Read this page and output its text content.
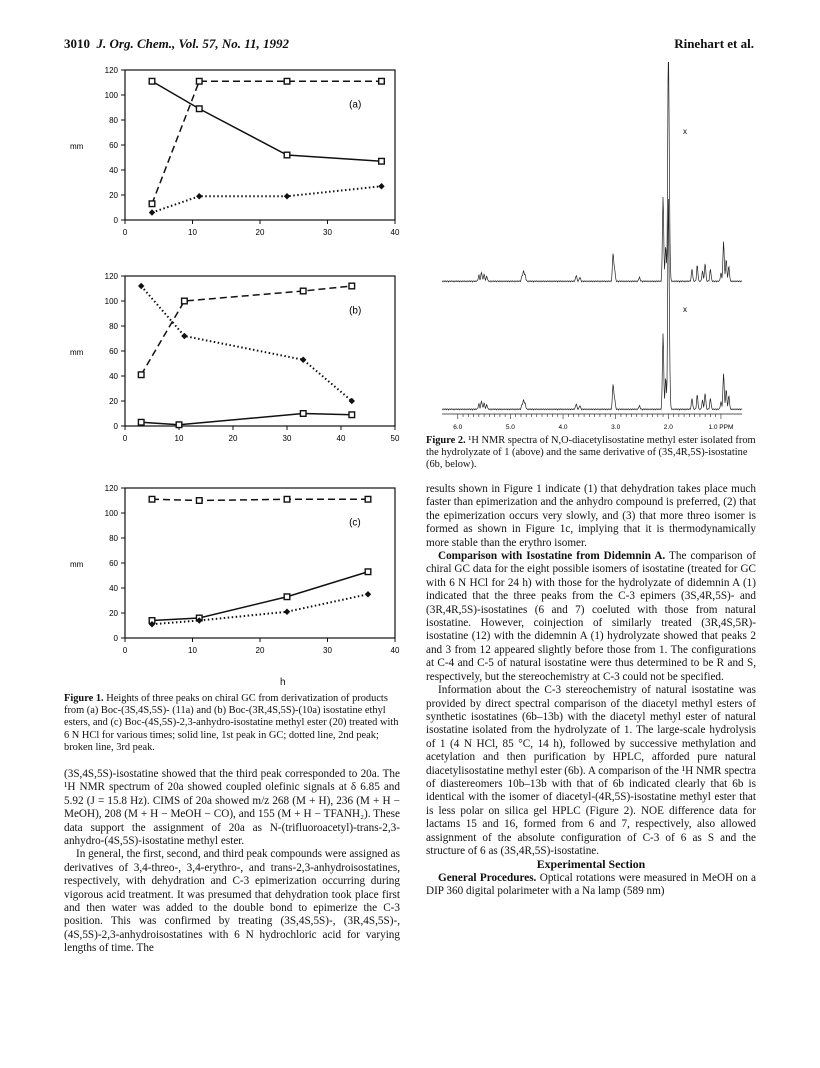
3010 J. Org. Chem., Vol. 57, No. 11, 1992	Rinehart et al.
0
20
40
60
80
100
120
0	10	20	30	40
mm
(a)
0
20
40
60
80
100
120
0	10	20	30	40	50
mm
(b)
0
20
40
60
80
100
120
0	10	20	30	40
mm
(c)
h
Figure 1. Heights of three peaks on chiral GC from derivatization of products from (a) Boc-(3S,4S,5S)- (11a) and (b) Boc-(3R,4S,5S)-(10a) isostatine ethyl esters, and (c) Boc-(4S,5S)-2,3-anhydro-isostatine methyl ester (20) treated with 6 N HCl for various times; solid line, 1st peak in GC; dotted line, 2nd peak; broken line, 3rd peak.

(3S,4S,5S)-isostatine showed that the third peak corresponded to 20a. The ¹H NMR spectrum of 20a showed coupled olefinic signals at δ 6.85 and 5.92 (J = 15.8 Hz). CIMS of 20a showed m/z 268 (M + H), 236 (M + H − MeOH), 208 (M + H − MeOH − CO), and 155 (M + H − TFANH₂). These data support the assignment of 20a as N-(trifluoroacetyl)-trans-2,3-anhydro-(4S,5S)-isostatine methyl ester.

In general, the first, second, and third peak compounds were assigned as derivatives of 3,4-threo-, 3,4-erythro-, and trans-2,3-anhydroisostatines, respectively, with dehydration and C-3 epimerization occurring during vigorous acid treatment. It was presumed that dehydration took place first and then water was added to the double bond to epimerize the C-3 position. This was confirmed by treating (3S,4S,5S)-, (3R,4S,5S)-, (4S,5S)-2,3-anhydroisostatines with 6 N hydrochloric acid for varying lengths of time. The

x
x
6.0	5.0	4.0	3.0	2.0	1.0 PPM
Figure 2. ¹H NMR spectra of N,O-diacetylisostatine methyl ester isolated from the hydrolyzate of 1 (above) and the same derivative of (3S,4R,5S)-isostatine (6b, below).

results shown in Figure 1 indicate (1) that dehydration takes place much faster than epimerization and the anhydro compound is preferred, (2) that the epimerization occurs very slowly, and (3) that more threo isomer is formed as shown in Figure 1c, implying that it is thermodynamically more stable than the erythro isomer.

Comparison with Isostatine from Didemnin A. The comparison of chiral GC data for the eight possible isomers of isostatine (treated for GC with 6 N HCl for 24 h) with those for the hydrolyzate of didemnin A (1) indicated that the three peaks from the C-3 epimers (3S,4R,5S)- and (3R,4R,5S)-isostatines (6 and 7) coeluted with those from natural isostatine. However, coinjection of similarly treated (3R,4S,5R)-isostatine (12) with the didemnin A (1) hydrolyzate showed that peaks 2 and 3 from 12 appeared slightly before those from 1. The configurations at C-4 and C-5 of natural isostatine were thus determined to be R and S, respectively, but the stereochemistry at C-3 could not be specified.

Information about the C-3 stereochemistry of natural isostatine was provided by direct spectral comparison of the diacetyl methyl esters of synthetic isostatines (6b–13b) with the diacetyl methyl ester of natural isostatine isolated from the hydrolyzate of 1. The large-scale hydrolysis of 1 (4 N HCl, 85 °C, 14 h), followed by successive methylation and acetylation and then purification by HPLC, afforded pure natural diacetylisostatine methyl ester (6b). A comparison of the ¹H NMR spectra of diastereomers 10b–13b with that of 6b indicated clearly that 6b is identical with the isomer of diacetyl-(4R,5S)-isostatine methyl ester that is less polar on silica gel HPLC (Figure 2). NOE difference data for lactams 15 and 16, formed from 6 and 7, respectively, also allowed assignment of the absolute configuration of C-3 of 6 as S and the structure of 6 as (3S,4R,5S)-isostatine.

Experimental Section

General Procedures. Optical rotations were measured in MeOH on a DIP 360 digital polarimeter with a Na lamp (589 nm)
